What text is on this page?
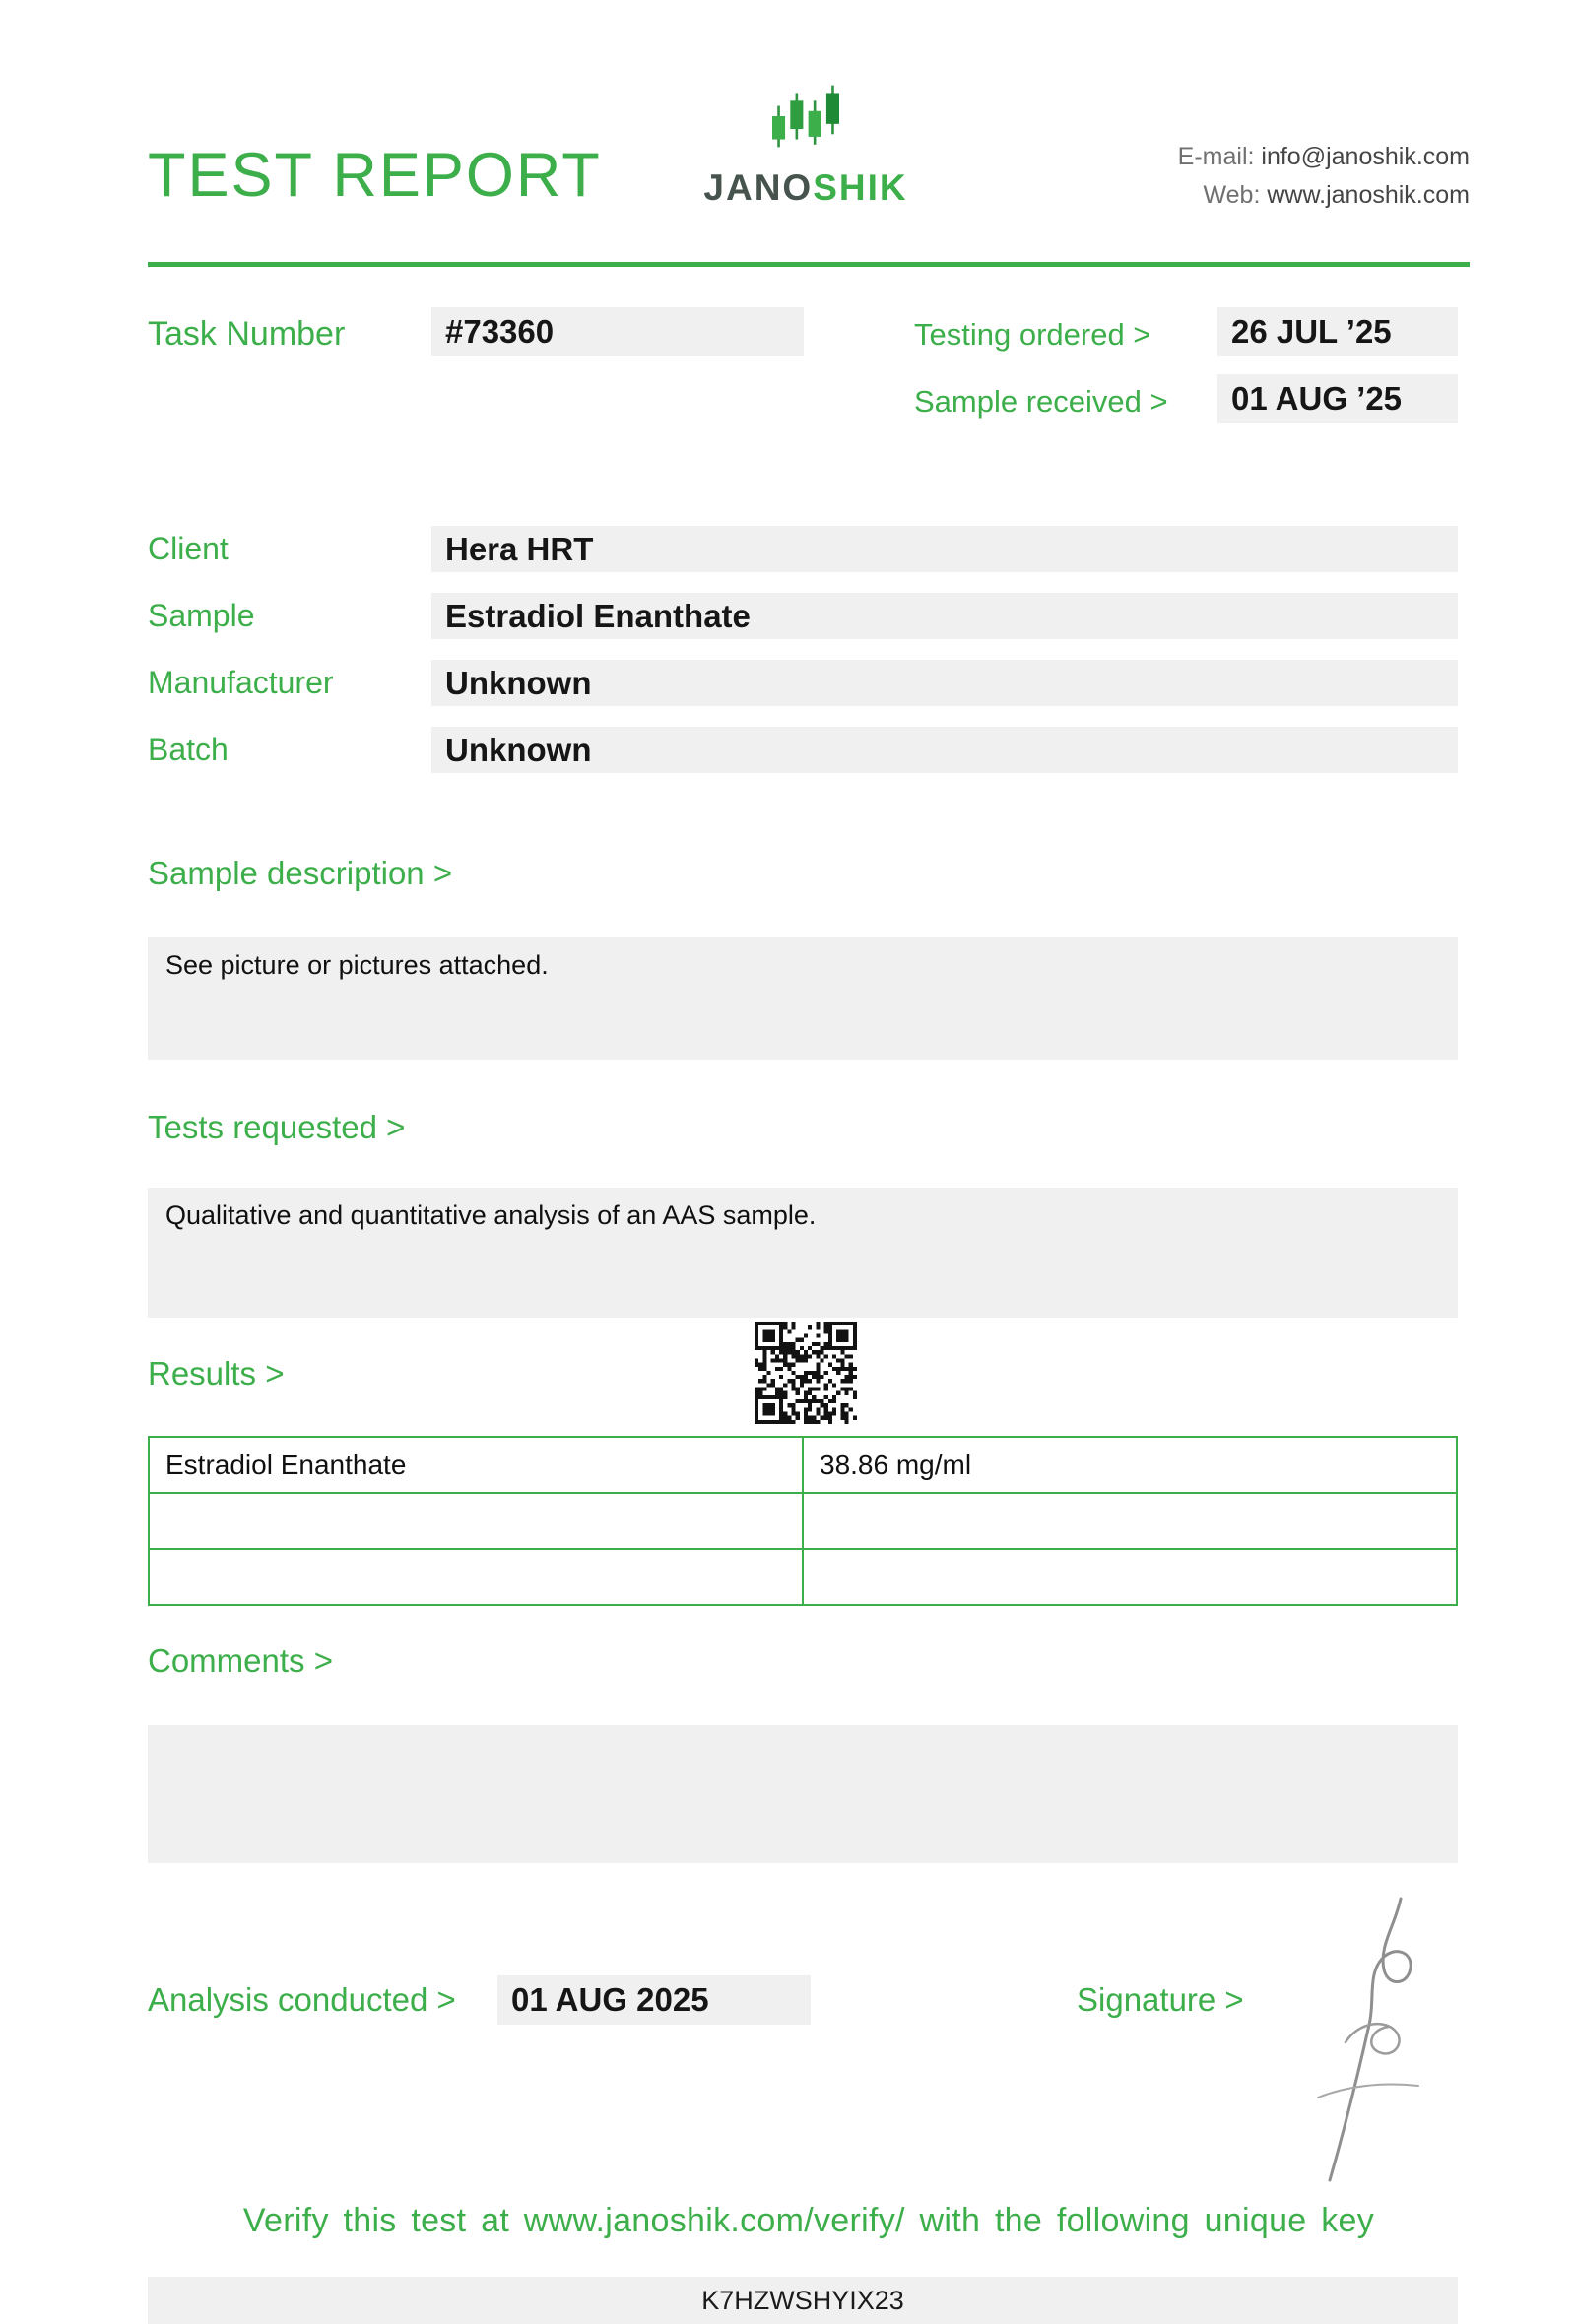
TEST REPORT	JANOSHIK
E-mail: info@janoshik.com
Web: www.janoshik.com
Task Number	#73360	Testing ordered >	26 JUL ’25
Sample received >	01 AUG ’25
Client	Hera HRT
Sample	Estradiol Enanthate
Manufacturer	Unknown
Batch	Unknown
Sample description >
See picture or pictures attached.
Tests requested >
Qualitative and quantitative analysis of an AAS sample.
Results >
Estradiol Enanthate	38.86 mg/ml

Comments >
Analysis conducted >	01 AUG 2025	Signature >
Verify this test at www.janoshik.com/verify/ with the following unique key
K7HZWSHYIX23
